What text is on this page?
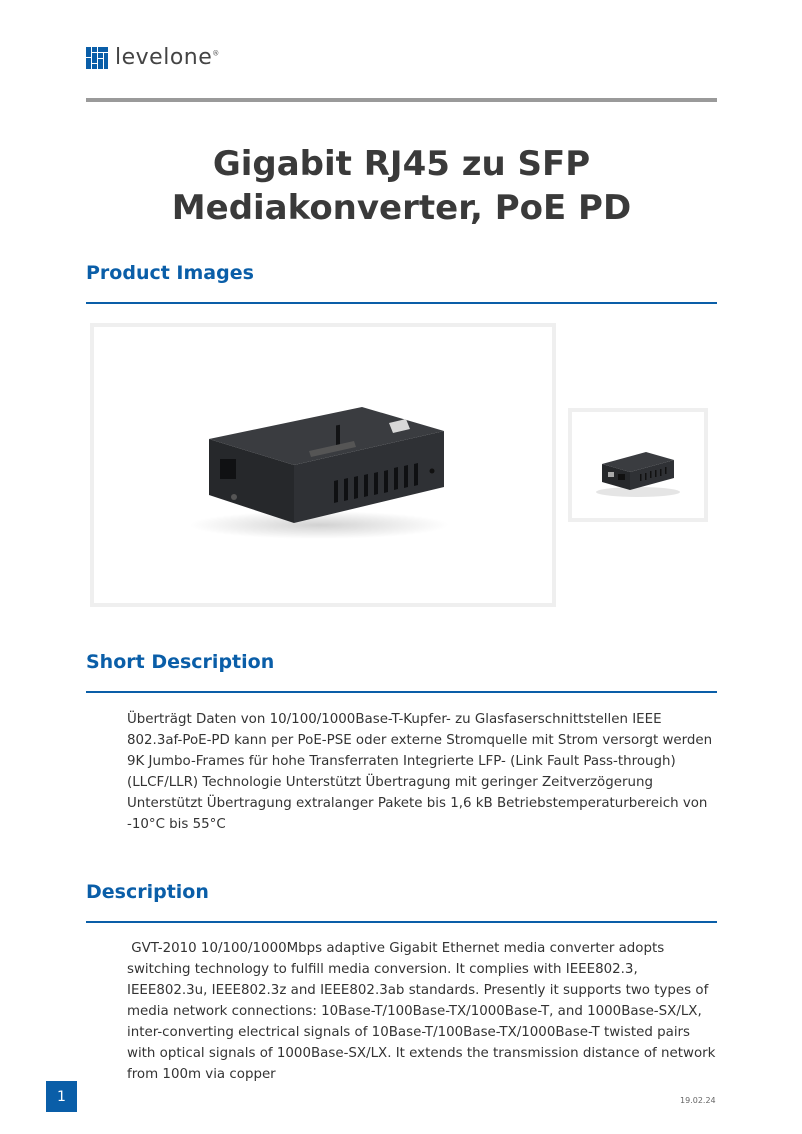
levelone®
Gigabit RJ45 zu SFP
Mediakonverter, PoE PD
Product Images
Short Description
Überträgt Daten von 10/100/1000Base-T-Kupfer- zu Glasfaserschnittstellen IEEE 802.3af-PoE-PD kann per PoE-PSE oder externe Stromquelle mit Strom versorgt werden 9K Jumbo-Frames für hohe Transferraten Integrierte LFP- (Link Fault Pass-through) (LLCF/LLR) Technologie Unterstützt Übertragung mit geringer Zeitverzögerung Unterstützt Übertragung extralanger Pakete bis 1,6 kB Betriebstemperaturbereich von -10°C bis 55°C
Description
GVT-2010 10/100/1000Mbps adaptive Gigabit Ethernet media converter adopts switching technology to fulfill media conversion. It complies with IEEE802.3, IEEE802.3u, IEEE802.3z and IEEE802.3ab standards. Presently it supports two types of media network connections: 10Base-T/100Base-TX/1000Base-T, and 1000Base-SX/LX, inter-converting electrical signals of 10Base-T/100Base-TX/1000Base-T twisted pairs with optical signals of 1000Base-SX/LX. It extends the transmission distance of network from 100m via copper
1	19.02.24
